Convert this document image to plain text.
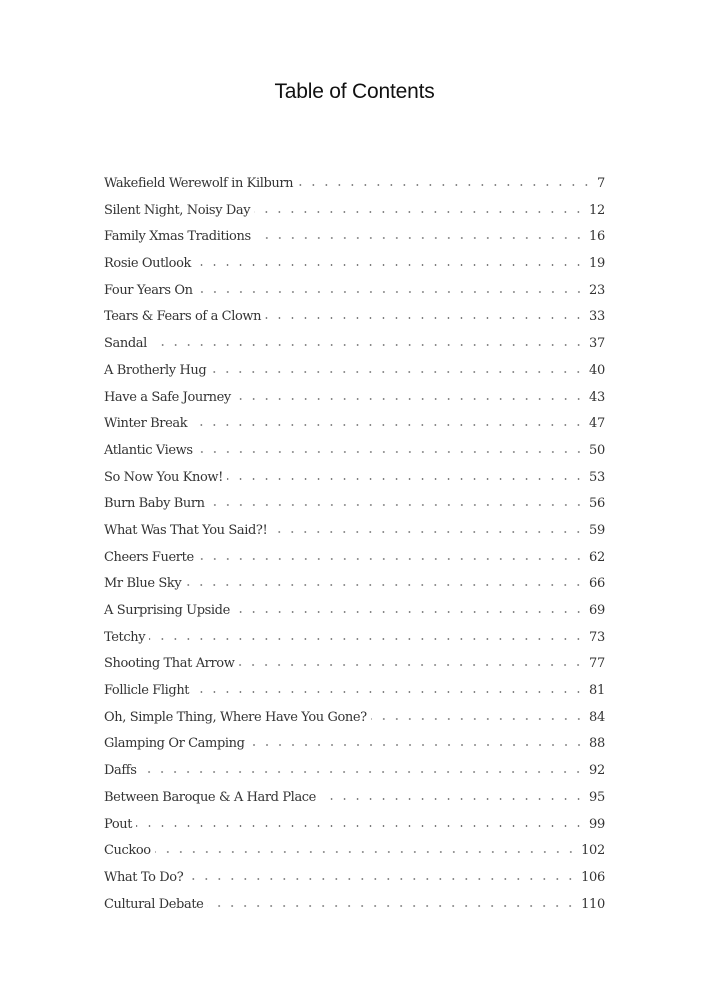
Table of Contents
Wakefield Werewolf in Kilburn	7
Silent Night, Noisy Day	12
Family Xmas Traditions	16
Rosie Outlook	19
Four Years On	23
Tears & Fears of a Clown	33
Sandal	37
A Brotherly Hug	40
Have a Safe Journey	43
Winter Break	47
Atlantic Views	50
So Now You Know!	53
Burn Baby Burn	56
What Was That You Said?!	59
Cheers Fuerte	62
Mr Blue Sky	66
A Surprising Upside	69
Tetchy	73
Shooting That Arrow	77
Follicle Flight	81
Oh, Simple Thing, Where Have You Gone?	84
Glamping Or Camping	88
Daffs	92
Between Baroque & A Hard Place	95
Pout	99
Cuckoo	102
What To Do?	106
Cultural Debate	110
